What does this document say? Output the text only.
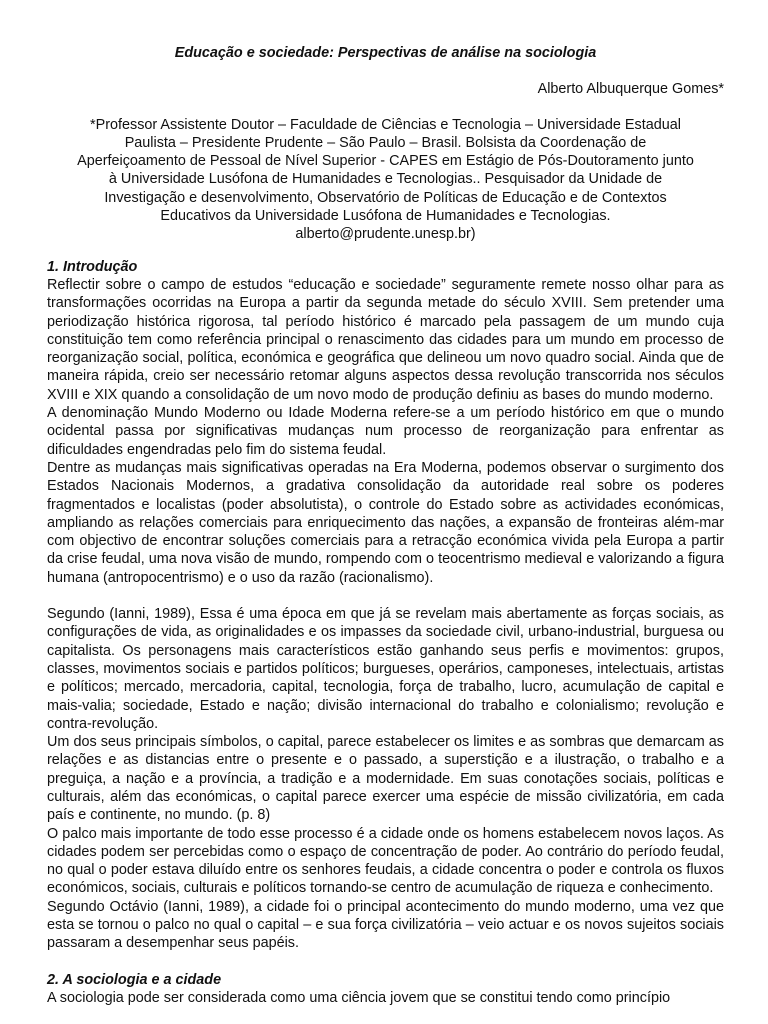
Educação e sociedade: Perspectivas de análise na sociologia
Alberto Albuquerque Gomes*
*Professor Assistente Doutor – Faculdade de Ciências e Tecnologia – Universidade Estadual
Paulista – Presidente Prudente – São Paulo – Brasil. Bolsista da Coordenação de
Aperfeiçoamento de Pessoal de Nível Superior - CAPES em Estágio de Pós-Doutoramento junto
à Universidade Lusófona de Humanidades e Tecnologias.. Pesquisador da Unidade de
Investigação e desenvolvimento, Observatório de Políticas de Educação e de Contextos
Educativos da Universidade Lusófona de Humanidades e Tecnologias.
alberto@prudente.unesp.br)
1. Introdução

Reflectir sobre o campo de estudos “educação e sociedade” seguramente remete nosso olhar para as transformações ocorridas na Europa a partir da segunda metade do século XVIII. Sem pretender uma periodização histórica rigorosa, tal período histórico é marcado pela passagem de um mundo cuja constituição tem como referência principal o renascimento das cidades para um mundo em processo de reorganização social, política, económica e geográfica que delineou um novo quadro social. Ainda que de maneira rápida, creio ser necessário retomar alguns aspectos dessa revolução transcorrida nos séculos XVIII e XIX quando a consolidação de um novo modo de produção definiu as bases do mundo moderno.

A denominação Mundo Moderno ou Idade Moderna refere-se a um período histórico em que o mundo ocidental passa por significativas mudanças num processo de reorganização para enfrentar as dificuldades engendradas pelo fim do sistema feudal.

Dentre as mudanças mais significativas operadas na Era Moderna, podemos observar o surgimento dos Estados Nacionais Modernos, a gradativa consolidação da autoridade real sobre os poderes fragmentados e localistas (poder absolutista), o controle do Estado sobre as actividades económicas, ampliando as relações comerciais para enriquecimento das nações, a expansão de fronteiras além-mar com objectivo de encontrar soluções comerciais para a retracção económica vivida pela Europa a partir da crise feudal, uma nova visão de mundo, rompendo com o teocentrismo medieval e valorizando a figura humana (antropocentrismo) e o uso da razão (racionalismo).

Segundo (Ianni, 1989), Essa é uma época em que já se revelam mais abertamente as forças sociais, as configurações de vida, as originalidades e os impasses da sociedade civil, urbano-industrial, burguesa ou capitalista. Os personagens mais característicos estão ganhando seus perfis e movimentos: grupos, classes, movimentos sociais e partidos políticos; burgueses, operários, camponeses, intelectuais, artistas e políticos; mercado, mercadoria, capital, tecnologia, força de trabalho, lucro, acumulação de capital e mais-valia; sociedade, Estado e nação; divisão internacional do trabalho e colonialismo; revolução e contra-revolução.

Um dos seus principais símbolos, o capital, parece estabelecer os limites e as sombras que demarcam as relações e as distancias entre o presente e o passado, a superstição e a ilustração, o trabalho e a preguiça, a nação e a província, a tradição e a modernidade. Em suas conotações sociais, políticas e culturais, além das económicas, o capital parece exercer uma espécie de missão civilizatória, em cada país e continente, no mundo. (p. 8)

O palco mais importante de todo esse processo é a cidade onde os homens estabelecem novos laços. As cidades podem ser percebidas como o espaço de concentração de poder. Ao contrário do período feudal, no qual o poder estava diluído entre os senhores feudais, a cidade concentra o poder e controla os fluxos económicos, sociais, culturais e políticos tornando-se centro de acumulação de riqueza e conhecimento.

Segundo Octávio (Ianni, 1989), a cidade foi o principal acontecimento do mundo moderno, uma vez que esta se tornou o palco no qual o capital – e sua força civilizatória – veio actuar e os novos sujeitos sociais passaram a desempenhar seus papéis.

2. A sociologia e a cidade

A sociologia pode ser considerada como uma ciência jovem que se constitui tendo como princípio
